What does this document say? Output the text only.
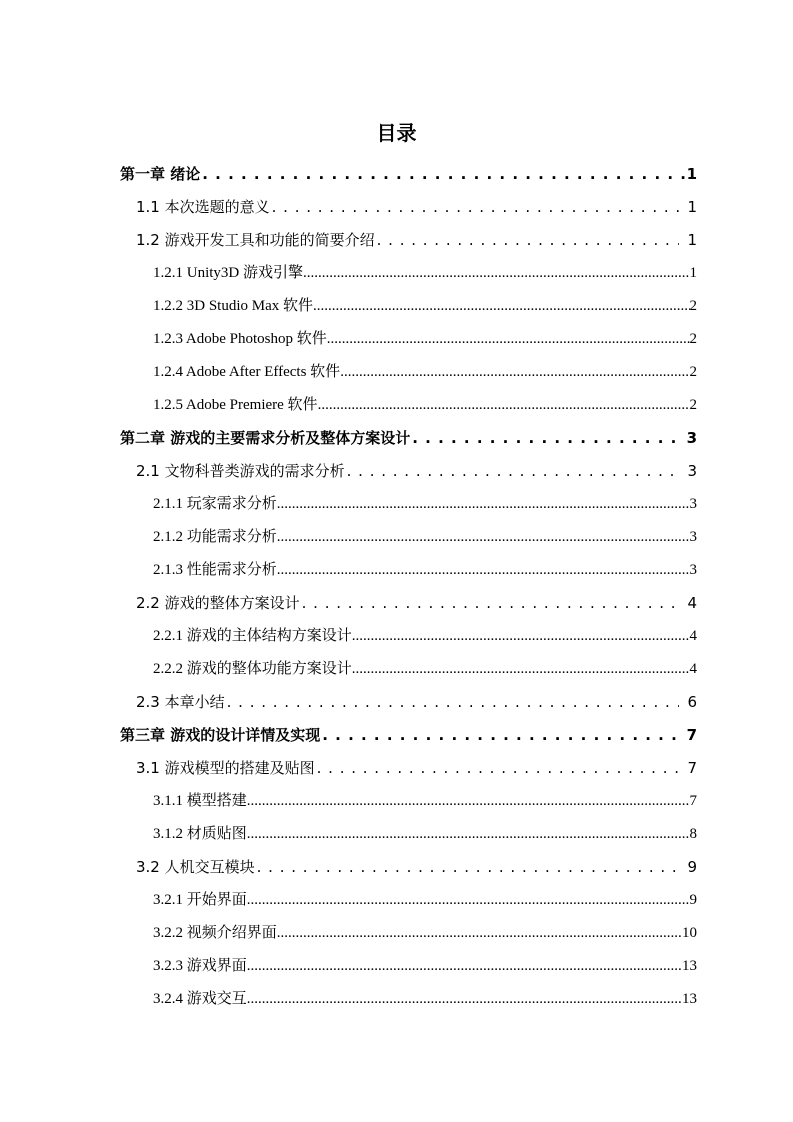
目录
第一章 绪论 . . .	1
1.1 本次选题的意义 . . .	1
1.2 游戏开发工具和功能的简要介绍 . . .	1
1.2.1 Unity3D 游戏引擎 .....	1
1.2.2 3D Studio Max 软件 .....	2
1.2.3 Adobe Photoshop 软件 .....	2
1.2.4 Adobe After Effects 软件 .....	2
1.2.5 Adobe Premiere 软件 .....	2
第二章 游戏的主要需求分析及整体方案设计 . . .	3
2.1 文物科普类游戏的需求分析 . . .	3
2.1.1 玩家需求分析 .....	3
2.1.2 功能需求分析 .....	3
2.1.3 性能需求分析 .....	3
2.2 游戏的整体方案设计 . . .	4
2.2.1 游戏的主体结构方案设计 .....	4
2.2.2 游戏的整体功能方案设计 .....	4
2.3 本章小结 . . .	6
第三章 游戏的设计详情及实现 . . .	7
3.1 游戏模型的搭建及贴图 . . .	7
3.1.1 模型搭建 .....	7
3.1.2 材质贴图 .....	8
3.2 人机交互模块 . . .	9
3.2.1 开始界面 .....	9
3.2.2 视频介绍界面 .....	10
3.2.3 游戏界面 .....	13
3.2.4 游戏交互 .....	13
